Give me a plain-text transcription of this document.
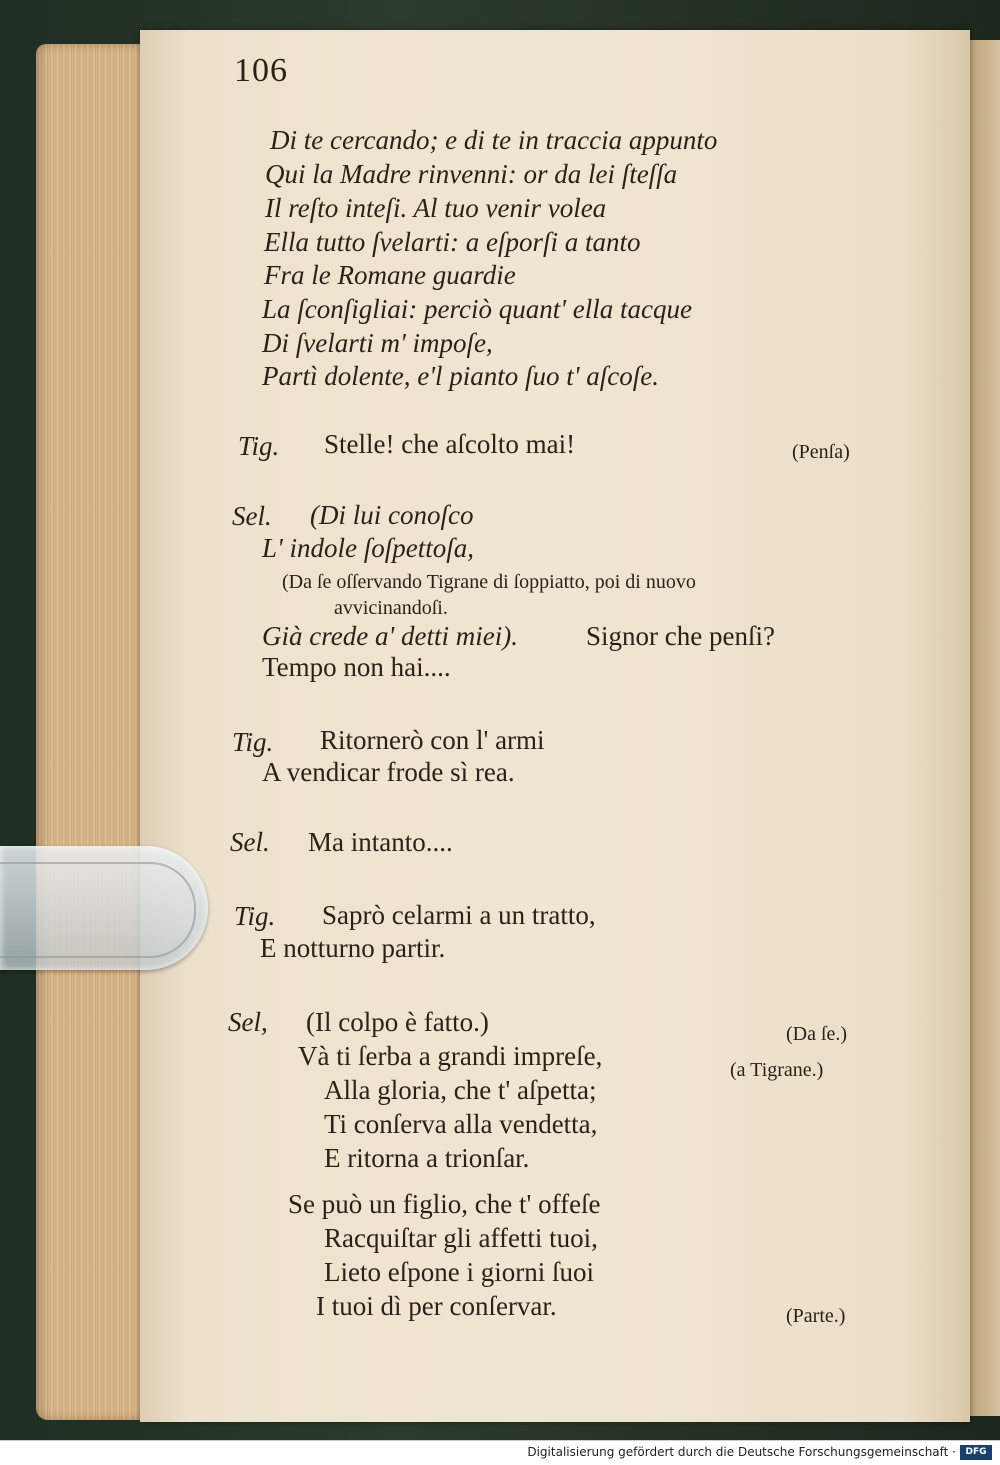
106
Di te cercando; e di te in traccia appunto
Qui la Madre rinvenni: or da lei ſteſſa
Il reſto inteſi. Al tuo venir volea
Ella tutto ſvelarti: a eſporſi a tanto
Fra le Romane guardie
La ſconſigliai: perciò quant' ella tacque
Di ſvelarti m' impoſe,
Partì dolente, e'l pianto ſuo t' aſcoſe.
Tig. Stelle! che aſcolto mai!	(Penſa)
Sel. (Di lui conoſco
L' indole ſoſpettoſa,
(Da ſe oſſervando Tigrane di ſoppiatto, poi di nuovo
avvicinandoſi.
Già crede a' detti miei).	Signor che penſi?
Tempo non hai....
Tig. Ritornerò con l' armi
A vendicar frode sì rea.
Sel. Ma intanto....
Tig. Saprò celarmi a un tratto,
E notturno partir.
Sel, (Il colpo è fatto.)	(Da ſe.)
(a Tigrane.)
Và ti ſerba a grandi impreſe,
Alla gloria, che t' aſpetta;
Ti conſerva alla vendetta,
E ritorna a trionſar.
Se può un figlio, che t' offeſe
Racquiſtar gli affetti tuoi,
Lieto eſpone i giorni ſuoi
I tuoi dì per conſervar.	(Parte.)
Digitalisierung gefördert durch die Deutsche Forschungsgemeinschaft ·	DFG
